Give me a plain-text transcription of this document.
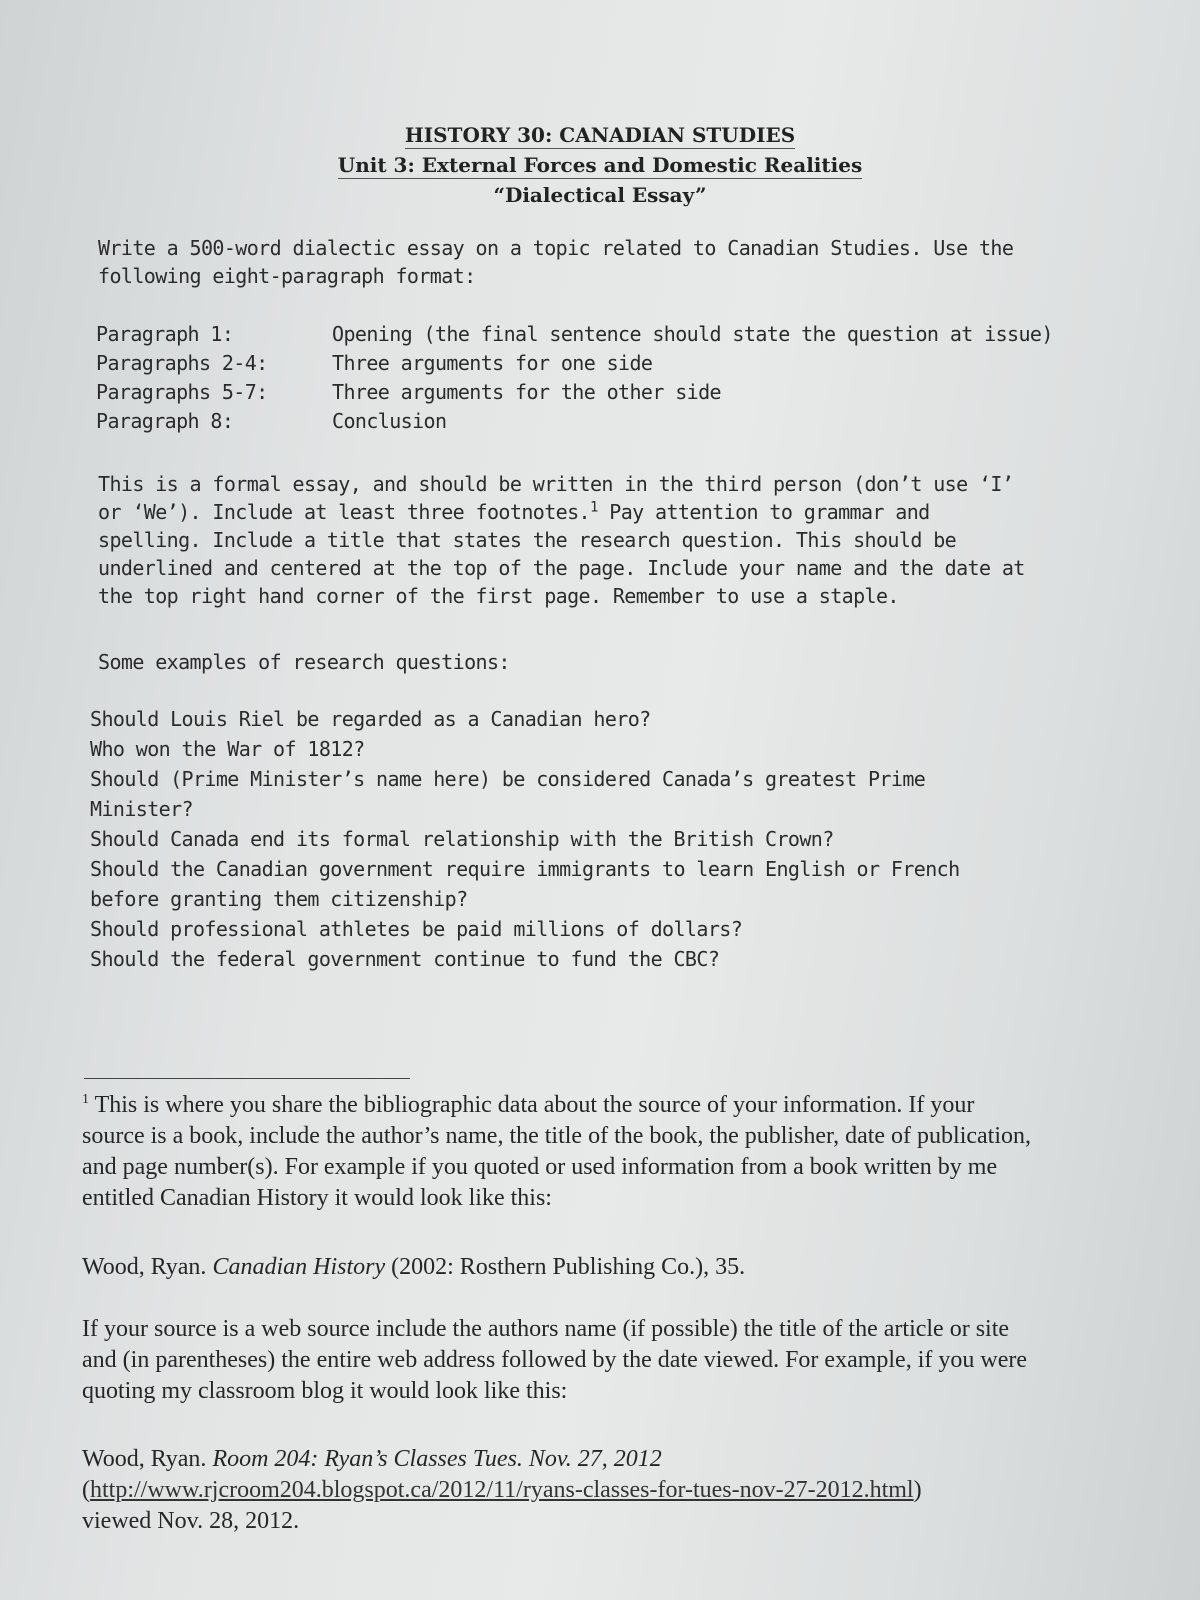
HISTORY 30: CANADIAN STUDIES
Unit 3: External Forces and Domestic Realities
“Dialectical Essay”
Write a 500-word dialectic essay on a topic related to Canadian Studies. Use the following eight-paragraph format:
Paragraph 1:	Opening (the final sentence should state the question at issue)
Paragraphs 2-4:	Three arguments for one side
Paragraphs 5-7:	Three arguments for the other side
Paragraph 8:	Conclusion
This is a formal essay, and should be written in the third person (don’t use ‘I’ or ‘We’). Include at least three footnotes.$^1$ Pay attention to grammar and spelling. Include a title that states the research question. This should be underlined and centered at the top of the page. Include your name and the date at the top right hand corner of the first page. Remember to use a staple.
Some examples of research questions:
Should Louis Riel be regarded as a Canadian hero?
Who won the War of 1812?
Should (Prime Minister’s name here) be considered Canada’s greatest Prime Minister?
Should Canada end its formal relationship with the British Crown?
Should the Canadian government require immigrants to learn English or French before granting them citizenship?
Should professional athletes be paid millions of dollars?
Should the federal government continue to fund the CBC?
$^1$ This is where you share the bibliographic data about the source of your information. If your source is a book, include the author’s name, the title of the book, the publisher, date of publication, and page number(s). For example if you quoted or used information from a book written by me entitled Canadian History it would look like this:
Wood, Ryan. Canadian History (2002: Rosthern Publishing Co.), 35.
If your source is a web source include the authors name (if possible) the title of the article or site and (in parentheses) the entire web address followed by the date viewed. For example, if you were quoting my classroom blog it would look like this:
Wood, Ryan. Room 204: Ryan’s Classes Tues. Nov. 27, 2012
(http://www.rjcroom204.blogspot.ca/2012/11/ryans-classes-for-tues-nov-27-2012.html)
viewed Nov. 28, 2012.
